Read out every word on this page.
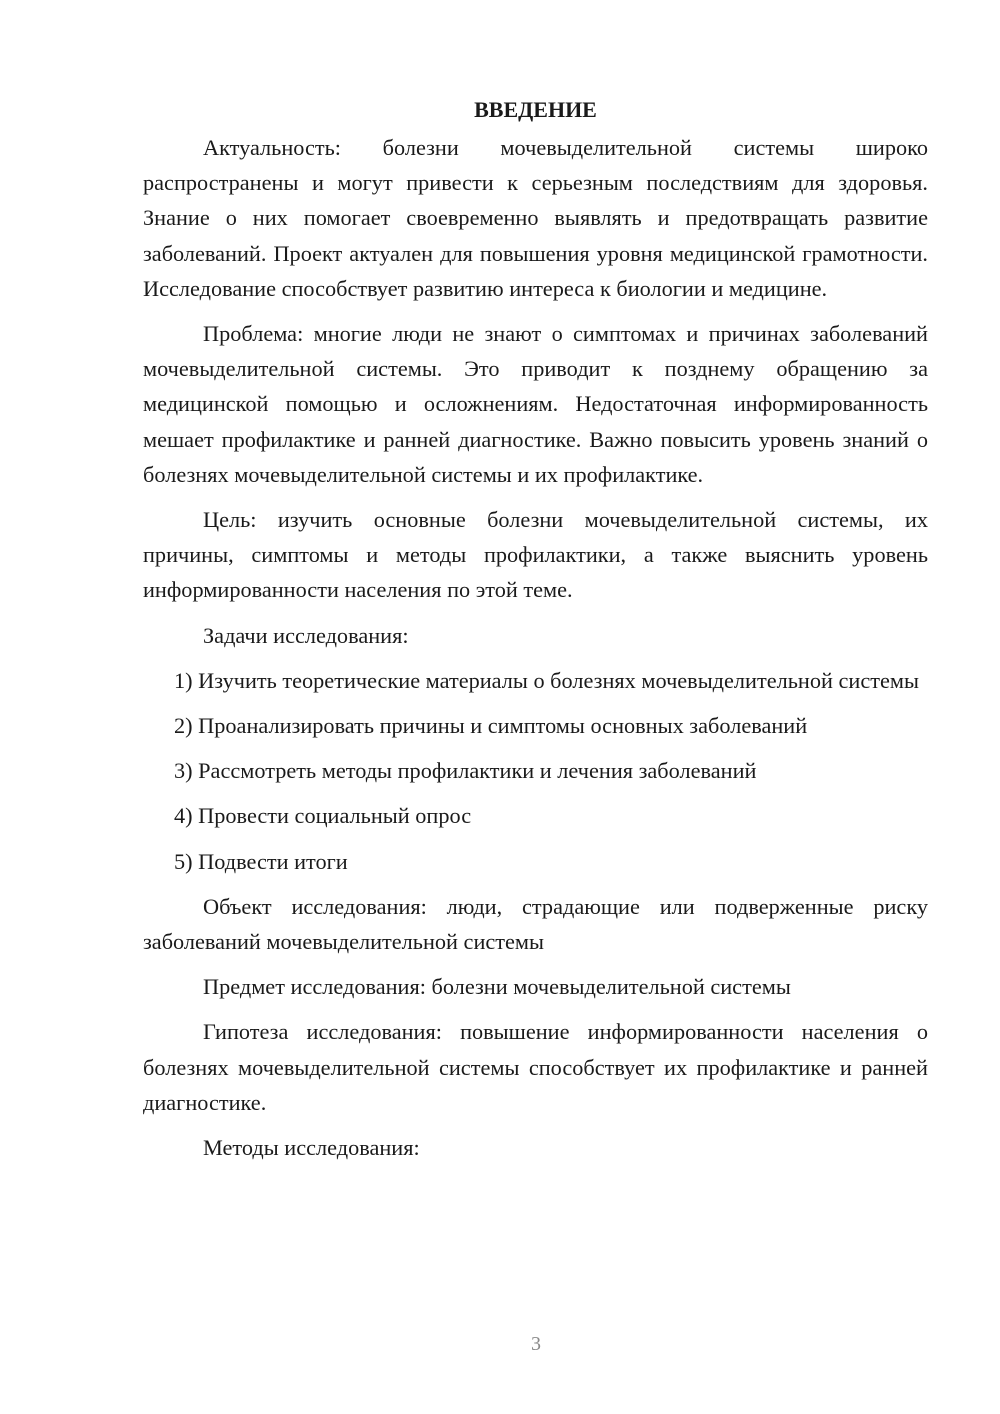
ВВЕДЕНИЕ

Актуальность: болезни мочевыделительной системы широко распространены и могут привести к серьезным последствиям для здоровья. Знание о них помогает своевременно выявлять и предотвращать развитие заболеваний. Проект актуален для повышения уровня медицинской грамотности. Исследование способствует развитию интереса к биологии и медицине.

Проблема: многие люди не знают о симптомах и причинах заболеваний мочевыделительной системы. Это приводит к позднему обращению за медицинской помощью и осложнениям. Недостаточная информированность мешает профилактике и ранней диагностике. Важно повысить уровень знаний о болезнях мочевыделительной системы и их профилактике.

Цель: изучить основные болезни мочевыделительной системы, их причины, симптомы и методы профилактики, а также выяснить уровень информированности населения по этой теме.

Задачи исследования:

1) Изучить теоретические материалы о болезнях мочевыделительной системы

2) Проанализировать причины и симптомы основных заболеваний

3) Рассмотреть методы профилактики и лечения заболеваний

4) Провести социальный опрос

5) Подвести итоги

Объект исследования: люди, страдающие или подверженные риску заболеваний мочевыделительной системы

Предмет исследования: болезни мочевыделительной системы

Гипотеза исследования: повышение информированности населения о болезнях мочевыделительной системы способствует их профилактике и ранней диагностике.

Методы исследования:

3
